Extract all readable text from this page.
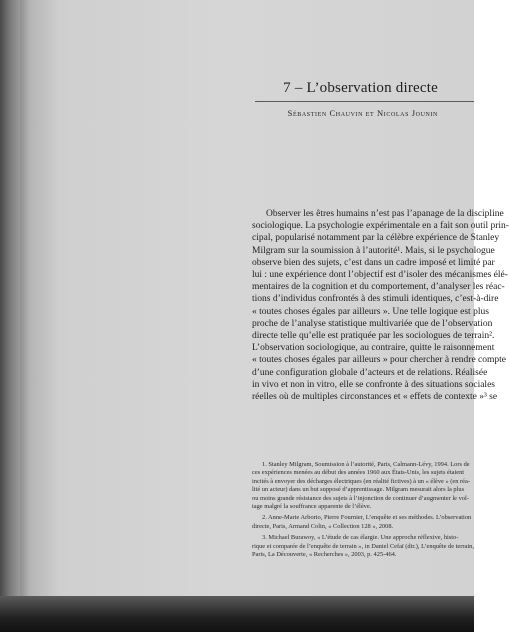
7 – L’observation directe
Sébastien Chauvin et Nicolas Jounin

Observer les êtres humains n’est pas l’apanage de la discipline
sociologique. La psychologie expérimentale en a fait son outil prin-
cipal, popularisé notamment par la célèbre expérience de Stanley
Milgram sur la soumission à l’autorité¹. Mais, si le psychologue
observe bien des sujets, c’est dans un cadre imposé et limité par
lui : une expérience dont l’objectif est d’isoler des mécanismes élé-
mentaires de la cognition et du comportement, d’analyser les réac-
tions d’individus confrontés à des stimuli identiques, c’est-à-dire
« toutes choses égales par ailleurs ». Une telle logique est plus
proche de l’analyse statistique multivariée que de l’observation
directe telle qu’elle est pratiquée par les sociologues de terrain².
L’observation sociologique, au contraire, quitte le raisonnement
« toutes choses égales par ailleurs » pour chercher à rendre compte
d’une configuration globale d’acteurs et de relations. Réalisée
in vivo et non in vitro, elle se confronte à des situations sociales
réelles où de multiples circonstances et « effets de contexte »³ se

1. Stanley Milgram, Soumission à l’autorité, Paris, Calmann-Lévy, 1994. Lors de
ces expériences menées au début des années 1960 aux États-Unis, les sujets étaient
incités à envoyer des décharges électriques (en réalité fictives) à un « élève » (en réa-
lité un acteur) dans un but supposé d’apprentissage. Milgram mesurait alors la plus
ou moins grande résistance des sujets à l’injonction de continuer d’augmenter le vol-
tage malgré la souffrance apparente de l’élève.
2. Anne-Marie Arborio, Pierre Fournier, L’enquête et ses méthodes. L’observation
directe, Paris, Armand Colin, « Collection 128 », 2008.
3. Michael Burawoy, « L’étude de cas élargie. Une approche réflexive, histo-
rique et comparée de l’enquête de terrain », in Daniel Cefaï (dir.), L’enquête de terrain,
Paris, La Découverte, « Recherches », 2003, p. 425-464.
